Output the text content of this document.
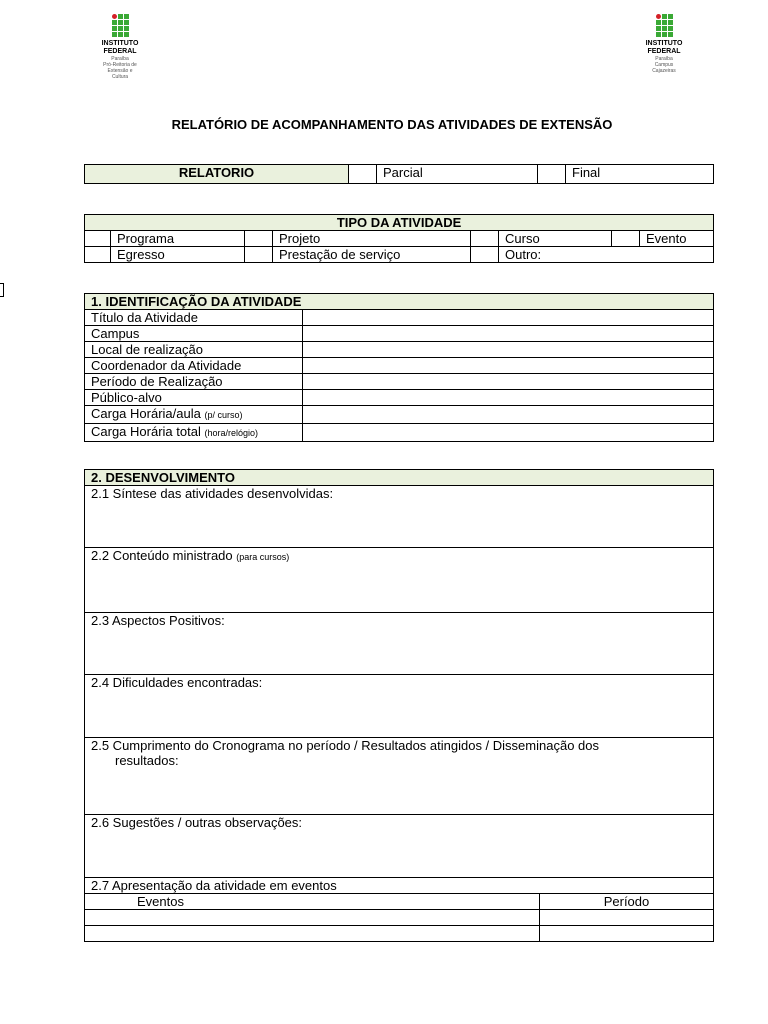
INSTITUTO
FEDERAL
Paraíba
Pró-Reitoria de
Extensão e
Cultura
INSTITUTO
FEDERAL
Paraíba
Campus
Cajazeiras
RELATÓRIO DE ACOMPANHAMENTO DAS ATIVIDADES DE EXTENSÃO
RELATORIO		Parcial		Final
TIPO DA ATIVIDADE							
	Programa		Projeto		Curso		Evento
	Egresso		Prestação de serviço		Outro:		
1. IDENTIFICAÇÃO DA ATIVIDADE	
Título da Atividade	
Campus	
Local de realização	
Coordenador da Atividade	
Período de Realização	
Público-alvo	
Carga Horária/aula (p/ curso)	
Carga Horária total (hora/relógio)	
2. DESENVOLVIMENTO	
2.1 Síntese das atividades desenvolvidas:	
2.2 Conteúdo ministrado (para cursos)	
2.3 Aspectos Positivos:	
2.4 Dificuldades encontradas:	

2.5 Cumprimento do Cronograma no período / Resultados atingidos / Disseminação dos
resultados:	

2.6 Sugestões / outras observações:	
2.7 Apresentação da atividade em eventos	
Eventos	Período
